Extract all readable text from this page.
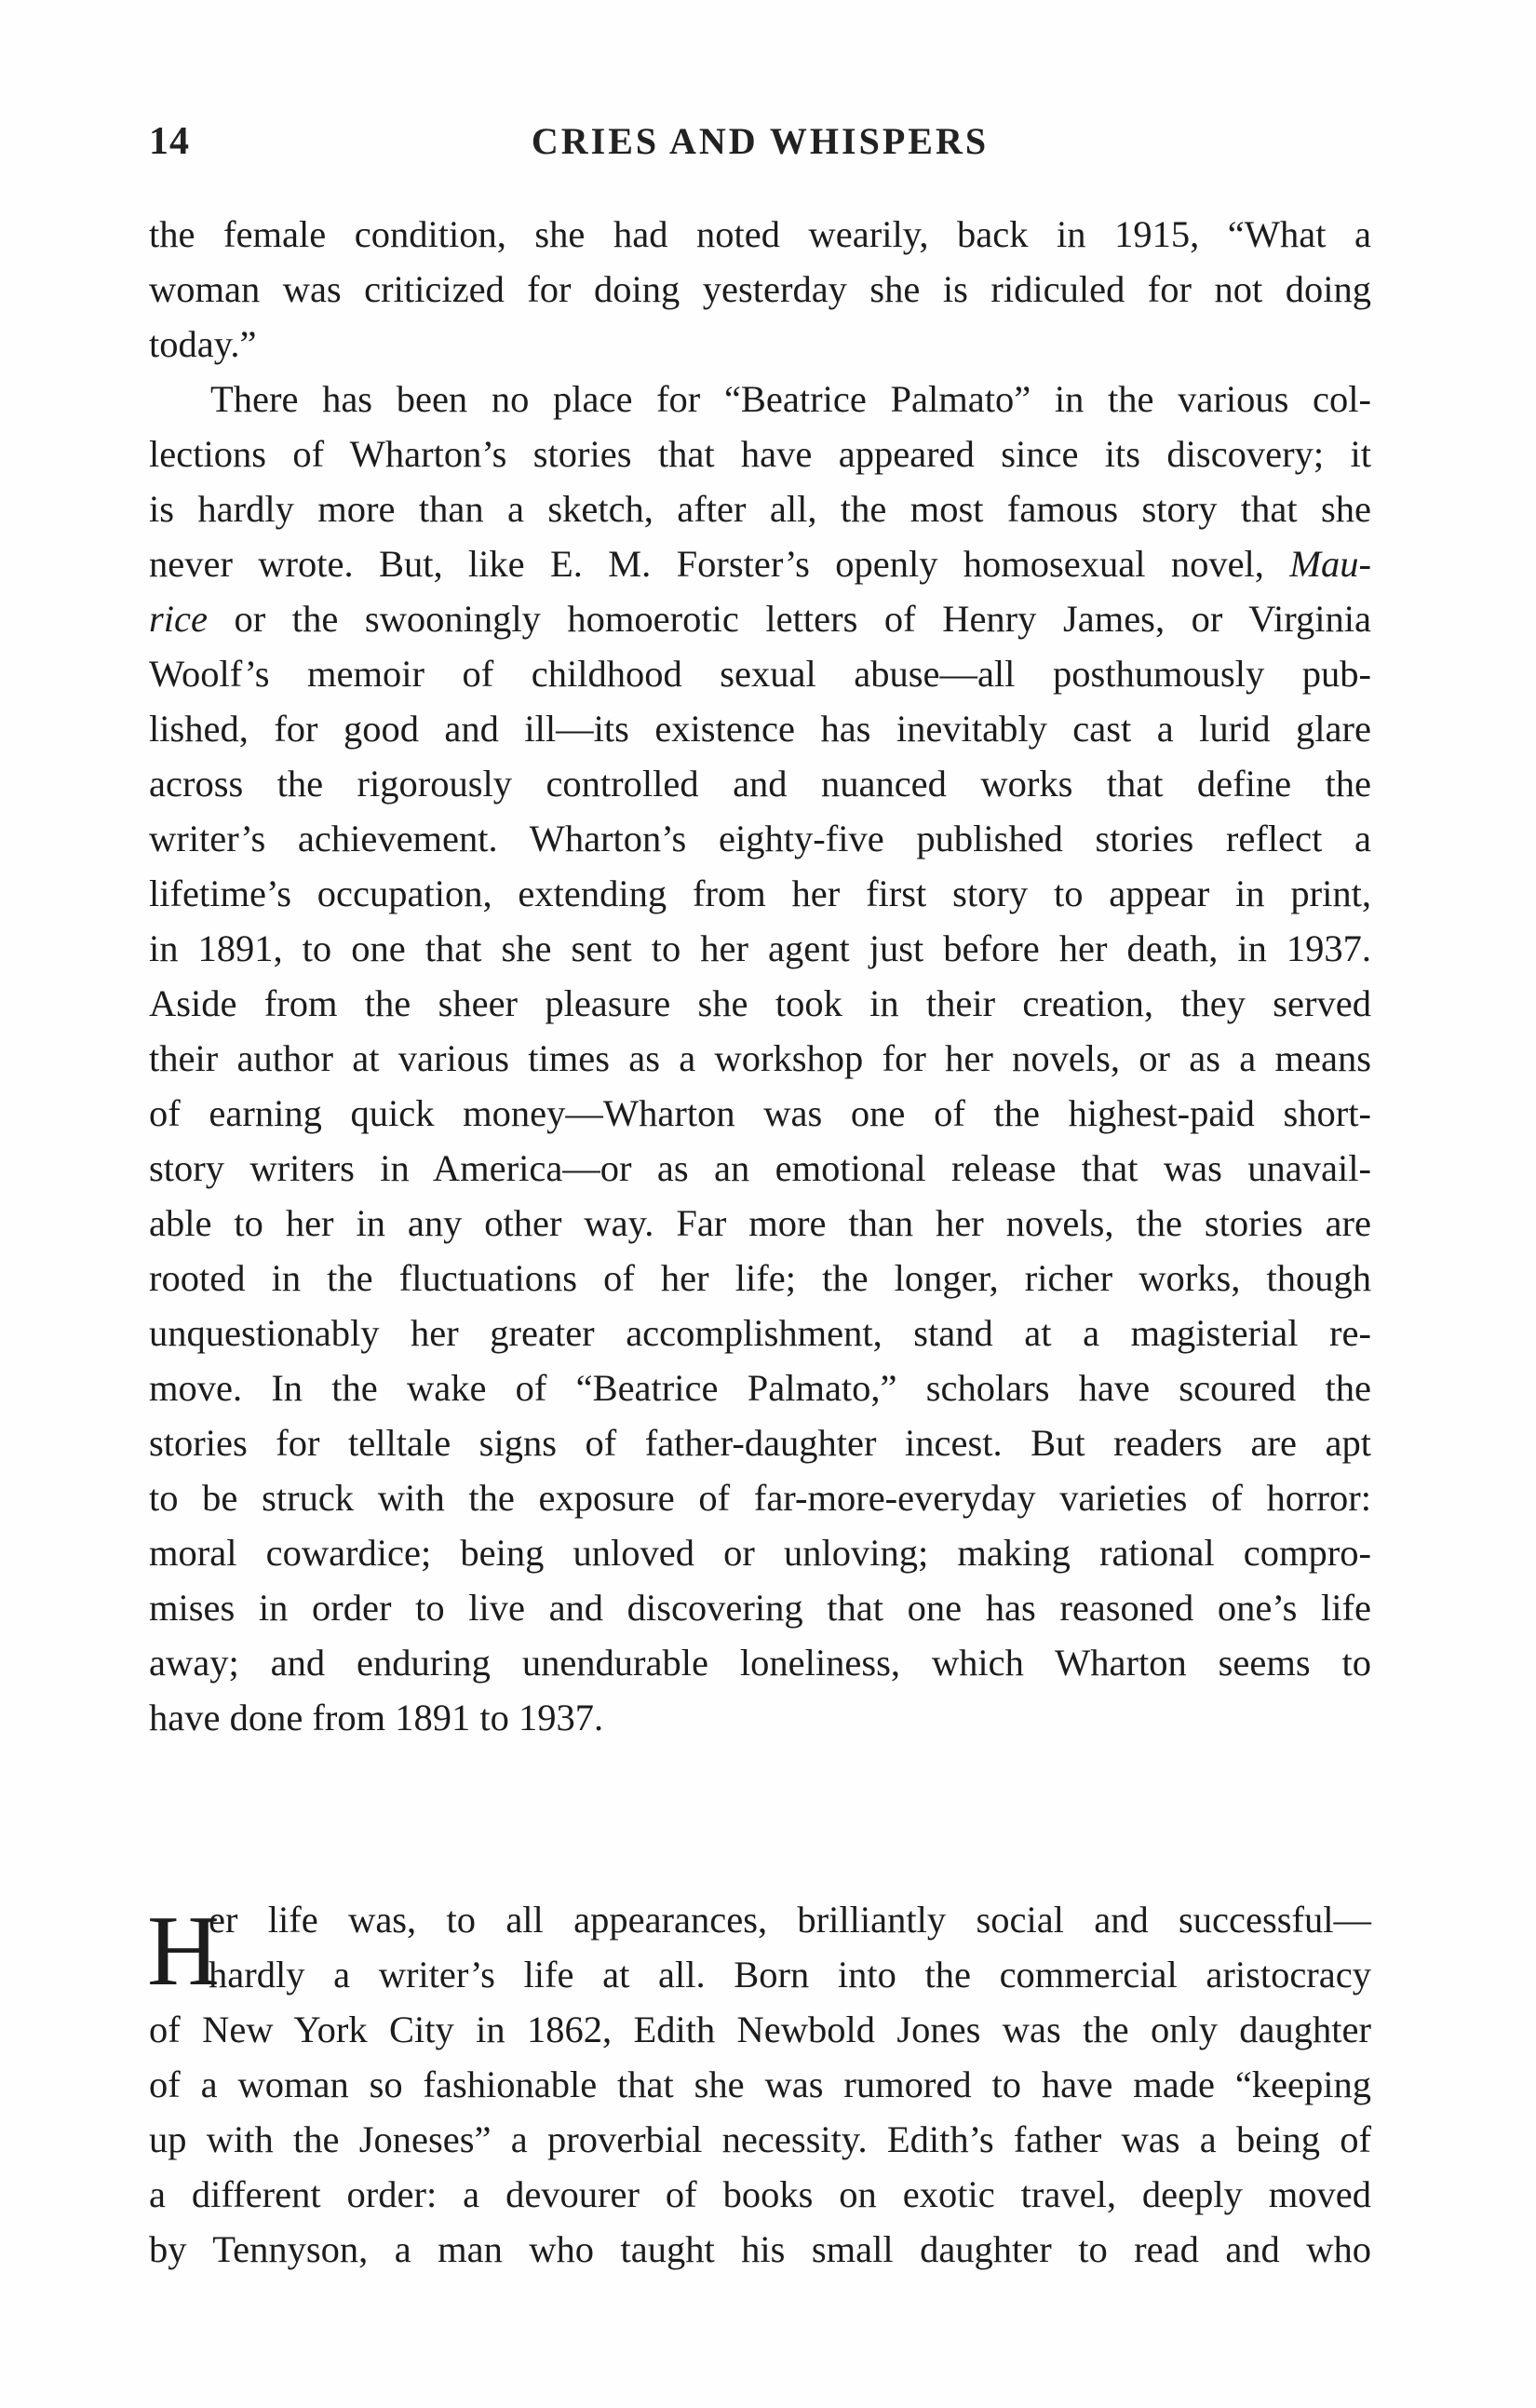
14	CRIES AND WHISPERS
the female condition, she had noted wearily, back in 1915, “What a
woman was criticized for doing yesterday she is ridiculed for not doing
today.”
There has been no place for “Beatrice Palmato” in the various col-
lections of Wharton’s stories that have appeared since its discovery; it
is hardly more than a sketch, after all, the most famous story that she
never wrote. But, like E. M. Forster’s openly homosexual novel, Mau-
rice or the swooningly homoerotic letters of Henry James, or Virginia
Woolf’s memoir of childhood sexual abuse—all posthumously pub-
lished, for good and ill—its existence has inevitably cast a lurid glare
across the rigorously controlled and nuanced works that define the
writer’s achievement. Wharton’s eighty-five published stories reflect a
lifetime’s occupation, extending from her first story to appear in print,
in 1891, to one that she sent to her agent just before her death, in 1937.
Aside from the sheer pleasure she took in their creation, they served
their author at various times as a workshop for her novels, or as a means
of earning quick money—Wharton was one of the highest-paid short-
story writers in America—or as an emotional release that was unavail-
able to her in any other way. Far more than her novels, the stories are
rooted in the fluctuations of her life; the longer, richer works, though
unquestionably her greater accomplishment, stand at a magisterial re-
move. In the wake of “Beatrice Palmato,” scholars have scoured the
stories for telltale signs of father-daughter incest. But readers are apt
to be struck with the exposure of far-more-everyday varieties of horror:
moral cowardice; being unloved or unloving; making rational compro-
mises in order to live and discovering that one has reasoned one’s life
away; and enduring unendurable loneliness, which Wharton seems to
have done from 1891 to 1937.
H
er life was, to all appearances, brilliantly social and successful—
hardly a writer’s life at all. Born into the commercial aristocracy
of New York City in 1862, Edith Newbold Jones was the only daughter
of a woman so fashionable that she was rumored to have made “keeping
up with the Joneses” a proverbial necessity. Edith’s father was a being of
a different order: a devourer of books on exotic travel, deeply moved
by Tennyson, a man who taught his small daughter to read and who
